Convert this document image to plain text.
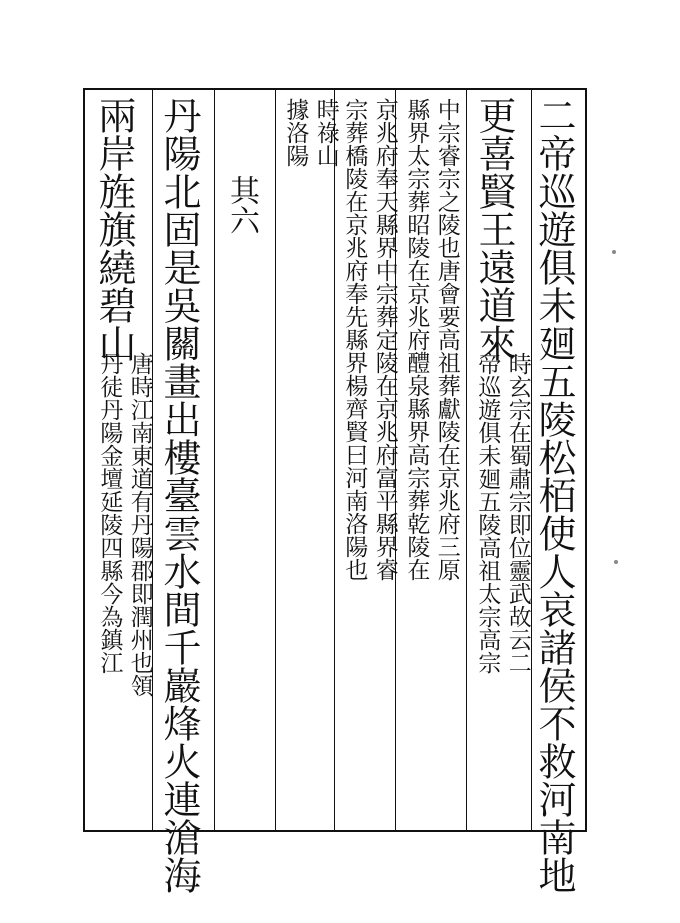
二帝巡遊俱未廻五陵松栢使人哀諸侯不救河南地
更喜賢王遠道來
時玄宗在蜀肅宗即位靈武故云二
帝巡遊俱未廻五陵高祖太宗高宗
中宗睿宗之陵也唐會要高祖葬獻陵在京兆府三原
縣界太宗葬昭陵在京兆府醴泉縣界高宗葬乾陵在
京兆府奉天縣界中宗葬定陵在京兆府富平縣界睿
宗葬橋陵在京兆府奉先縣界楊齊賢曰河南洛陽也
時祿山
據洛陽
其六
丹陽北固是吳關畫出樓臺雲水間千巖烽火連滄海
兩岸旌旗繞碧山
唐時江南東道有丹陽郡即潤州也領
丹徒丹陽金壇延陵四縣今為鎮江
